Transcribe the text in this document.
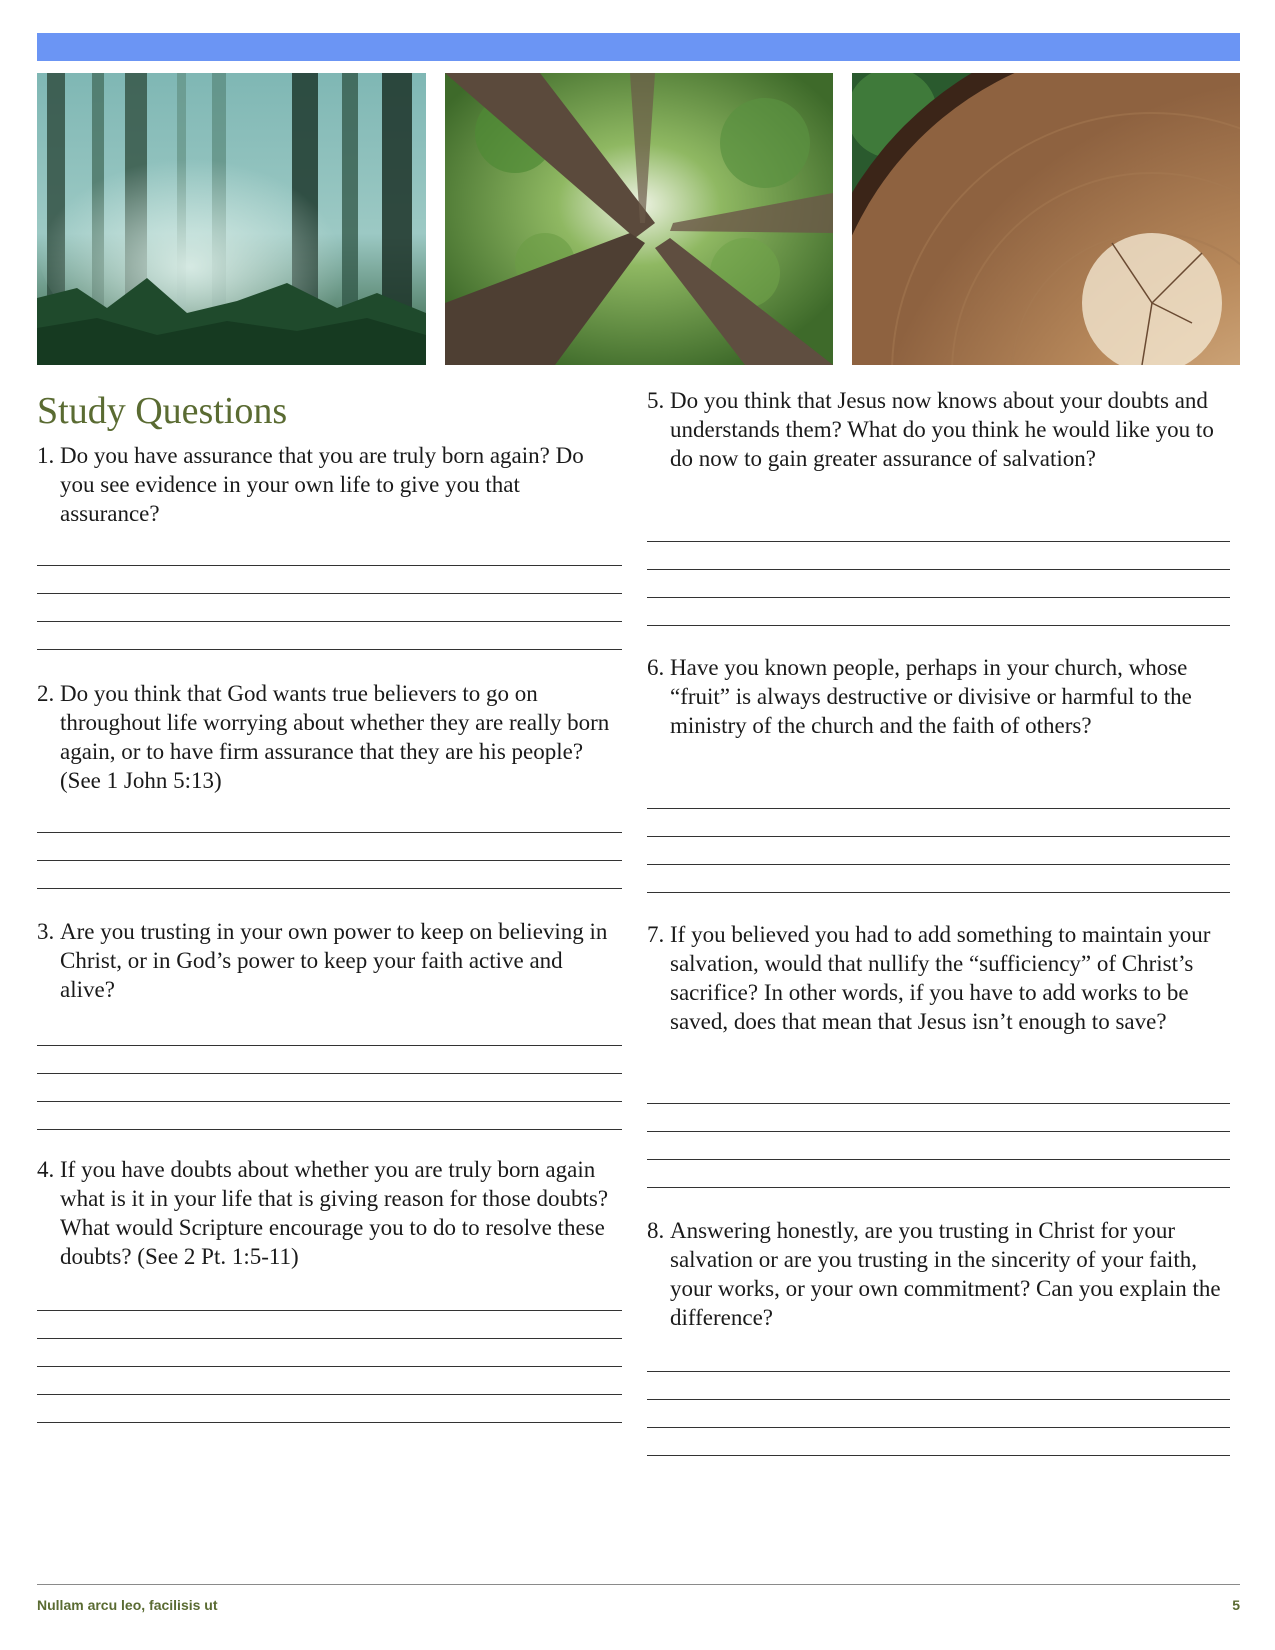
Study Questions
1. Do you have assurance that you are truly born again? Do you see evidence in your own life to give you that assurance?
2. Do you think that God wants true believers to go on throughout life worrying about whether they are really born again, or to have firm assurance that they are his people? (See 1 John 5:13)
3. Are you trusting in your own power to keep on believing in Christ, or in God’s power to keep your faith active and alive?
4. If you have doubts about whether you are truly born again what is it in your life that is giving reason for those doubts? What would Scripture encourage you to do to resolve these doubts? (See 2 Pt. 1:5-11)
5. Do you think that Jesus now knows about your doubts and understands them? What do you think he would like you to do now to gain greater assurance of salvation?
6. Have you known people, perhaps in your church, whose “fruit” is always destructive or divisive or harmful to the ministry of the church and the faith of others?
7. If you believed you had to add something to maintain your salvation, would that nullify the “sufficiency” of Christ’s sacrifice? In other words, if you have to add works to be saved, does that mean that Jesus isn’t enough to save?
8. Answering honestly, are you trusting in Christ for your salvation or are you trusting in the sincerity of your faith, your works, or your own commitment? Can you explain the difference?
Nullam arcu leo, facilisis ut	5
